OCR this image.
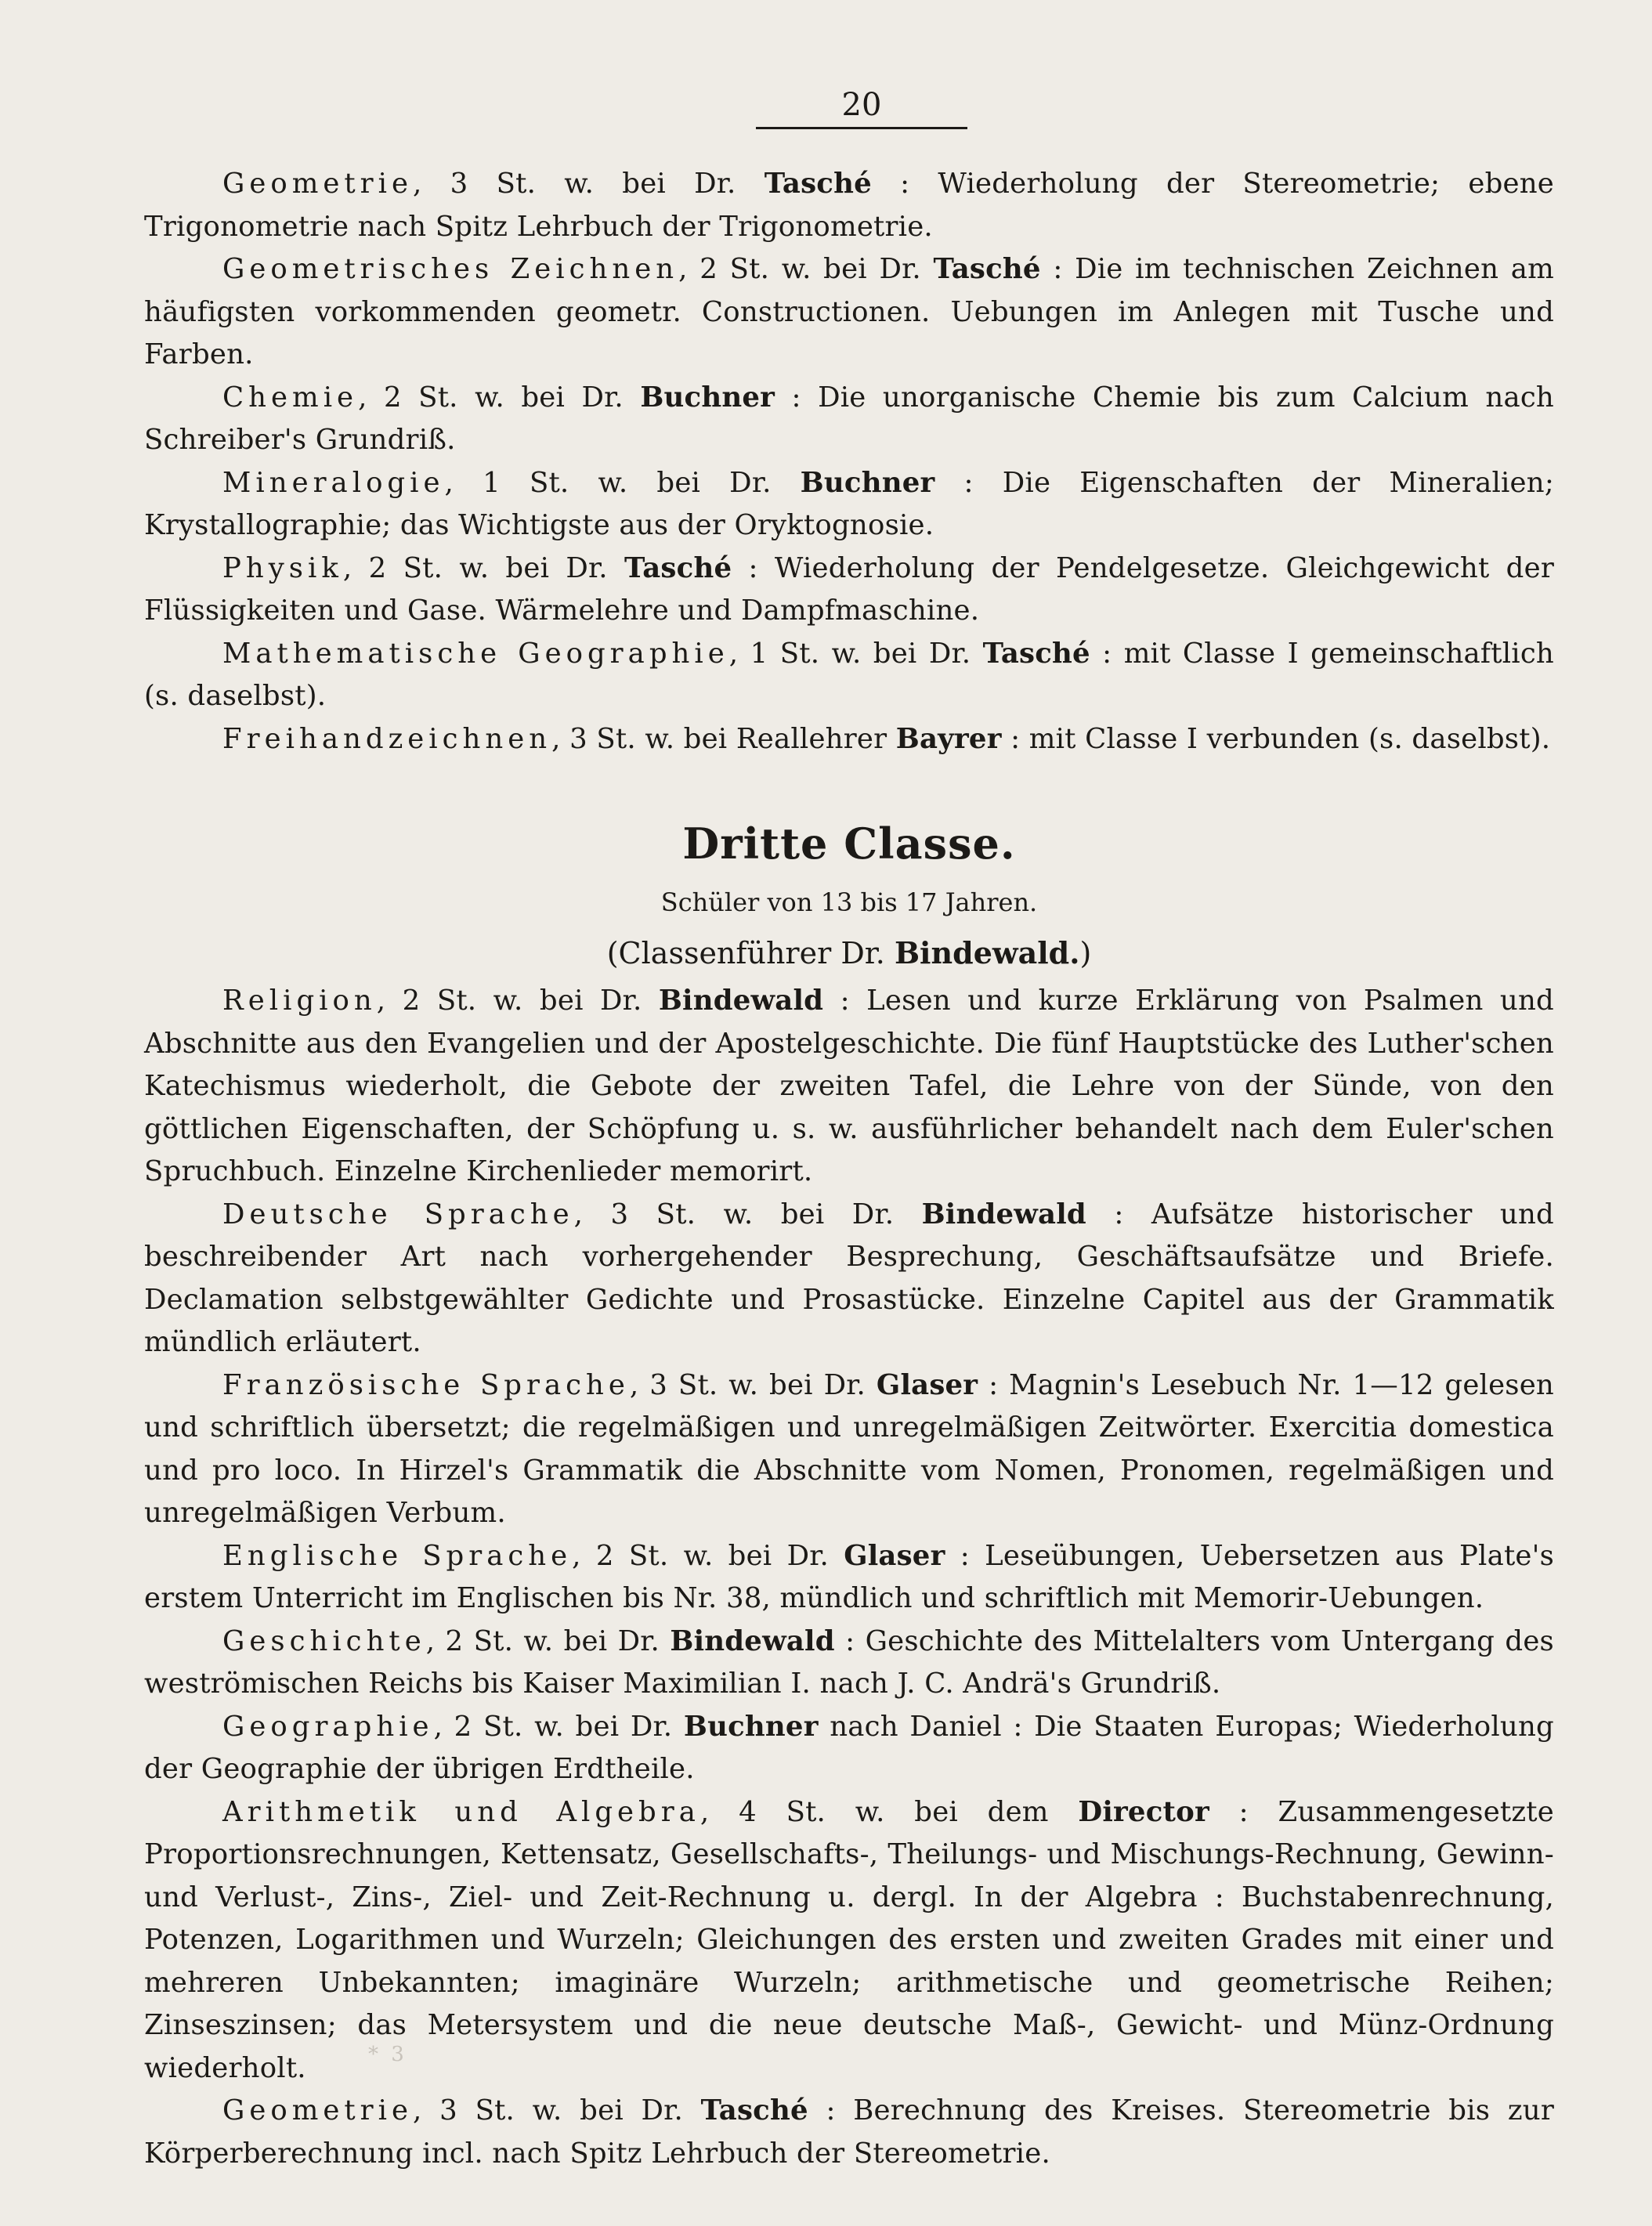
20

Geometrie, 3 St. w. bei Dr. Tasché : Wiederholung der Stereometrie; ebene Trigonometrie nach Spitz Lehrbuch der Trigonometrie.

Geometrisches Zeichnen, 2 St. w. bei Dr. Tasché : Die im technischen Zeichnen am häufigsten vorkommenden geometr. Constructionen. Uebungen im Anlegen mit Tusche und Farben.

Chemie, 2 St. w. bei Dr. Buchner : Die unorganische Chemie bis zum Calcium nach Schreiber's Grundriß.

Mineralogie, 1 St. w. bei Dr. Buchner : Die Eigenschaften der Mineralien; Krystallographie; das Wichtigste aus der Oryktognosie.

Physik, 2 St. w. bei Dr. Tasché : Wiederholung der Pendelgesetze. Gleichgewicht der Flüssigkeiten und Gase. Wärmelehre und Dampfmaschine.

Mathematische Geographie, 1 St. w. bei Dr. Tasché : mit Classe I gemeinschaftlich (s. daselbst).

Freihandzeichnen, 3 St. w. bei Reallehrer Bayrer : mit Classe I verbunden (s. daselbst).

Dritte Classe.
Schüler von 13 bis 17 Jahren.
(Classenführer Dr. Bindewald.)

Religion, 2 St. w. bei Dr. Bindewald : Lesen und kurze Erklärung von Psalmen und Abschnitte aus den Evangelien und der Apostelgeschichte. Die fünf Hauptstücke des Luther'schen Katechismus wiederholt, die Gebote der zweiten Tafel, die Lehre von der Sünde, von den göttlichen Eigenschaften, der Schöpfung u. s. w. ausführlicher behandelt nach dem Euler'schen Spruchbuch. Einzelne Kirchenlieder memorirt.

Deutsche Sprache, 3 St. w. bei Dr. Bindewald : Aufsätze historischer und beschreibender Art nach vorhergehender Besprechung, Geschäftsaufsätze und Briefe. Declamation selbstgewählter Gedichte und Prosastücke. Einzelne Capitel aus der Grammatik mündlich erläutert.

Französische Sprache, 3 St. w. bei Dr. Glaser : Magnin's Lesebuch Nr. 1—12 gelesen und schriftlich übersetzt; die regelmäßigen und unregelmäßigen Zeitwörter. Exercitia domestica und pro loco. In Hirzel's Grammatik die Abschnitte vom Nomen, Pronomen, regelmäßigen und unregelmäßigen Verbum.

Englische Sprache, 2 St. w. bei Dr. Glaser : Leseübungen, Uebersetzen aus Plate's erstem Unterricht im Englischen bis Nr. 38, mündlich und schriftlich mit Memorir-Uebungen.

Geschichte, 2 St. w. bei Dr. Bindewald : Geschichte des Mittelalters vom Untergang des weströmischen Reichs bis Kaiser Maximilian I. nach J. C. Andrä's Grundriß.

Geographie, 2 St. w. bei Dr. Buchner nach Daniel : Die Staaten Europas; Wiederholung der Geographie der übrigen Erdtheile.

Arithmetik und Algebra, 4 St. w. bei dem Director : Zusammengesetzte Proportionsrechnungen, Kettensatz, Gesellschafts-, Theilungs- und Mischungs-Rechnung, Gewinn- und Verlust-, Zins-, Ziel- und Zeit-Rechnung u. dergl. In der Algebra : Buchstabenrechnung, Potenzen, Logarithmen und Wurzeln; Gleichungen des ersten und zweiten Grades mit einer und mehreren Unbekannten; imaginäre Wurzeln; arithmetische und geometrische Reihen; Zinseszinsen; das Metersystem und die neue deutsche Maß-, Gewicht- und Münz-Ordnung wiederholt.

Geometrie, 3 St. w. bei Dr. Tasché : Berechnung des Kreises. Stereometrie bis zur Körperberechnung incl. nach Spitz Lehrbuch der Stereometrie.

* 3
